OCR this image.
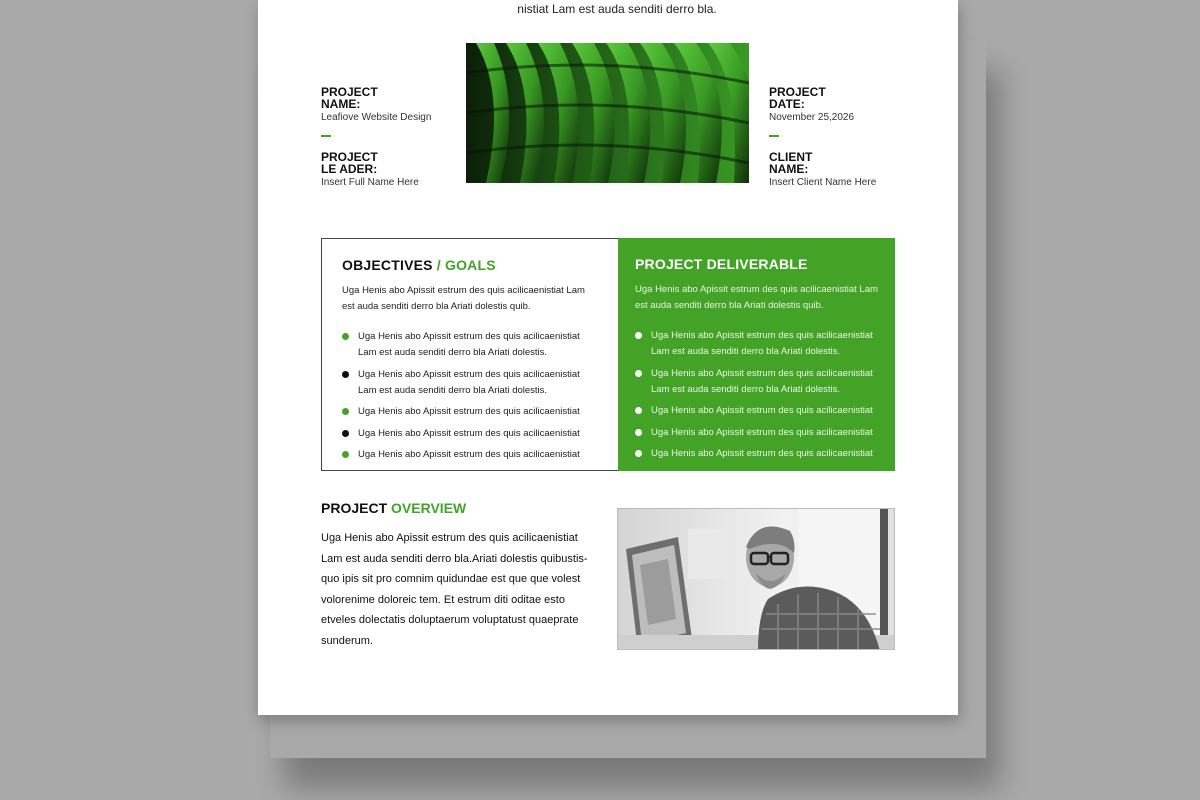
nistiat Lam est auda senditi derro bla.
PROJECT NAME:
Leafiove Website Design
PROJECT LE ADER:
Insert Full Name Here
PROJECT DATE:
November 25,2026
CLIENT NAME:
Insert Client Name Here
OBJECTIVES / GOALS
Uga Henis abo Apissit estrum des quis acilicaenistiat Lam est auda senditi derro bla Ariati dolestis quib.
Uga Henis abo Apissit estrum des quis acilicaenistiat Lam est auda senditi derro bla Ariati dolestis.
Uga Henis abo Apissit estrum des quis acilicaenistiat Lam est auda senditi derro bla Ariati dolestis.
Uga Henis abo Apissit estrum des quis acilicaenistiat
Uga Henis abo Apissit estrum des quis acilicaenistiat
Uga Henis abo Apissit estrum des quis acilicaenistiat
PROJECT DELIVERABLE
Uga Henis abo Apissit estrum des quis acilicaenistiat Lam est auda senditi derro bla Ariati dolestis quib.
Uga Henis abo Apissit estrum des quis acilicaenistiat Lam est auda senditi derro bla Ariati dolestis.
Uga Henis abo Apissit estrum des quis acilicaenistiat Lam est auda senditi derro bla Ariati dolestis.
Uga Henis abo Apissit estrum des quis acilicaenistiat
Uga Henis abo Apissit estrum des quis acilicaenistiat
Uga Henis abo Apissit estrum des quis acilicaenistiat
PROJECT OVERVIEW

Uga Henis abo Apissit estrum des quis acilicaenistiat Lam est auda senditi derro bla.Ariati dolestis quibustis-quo ipis sit pro comnim quidundae est que que volest volorenime doloreic tem. Et estrum diti oditae esto etveles dolectatis doluptaerum voluptatust quaeprate sunderum.
